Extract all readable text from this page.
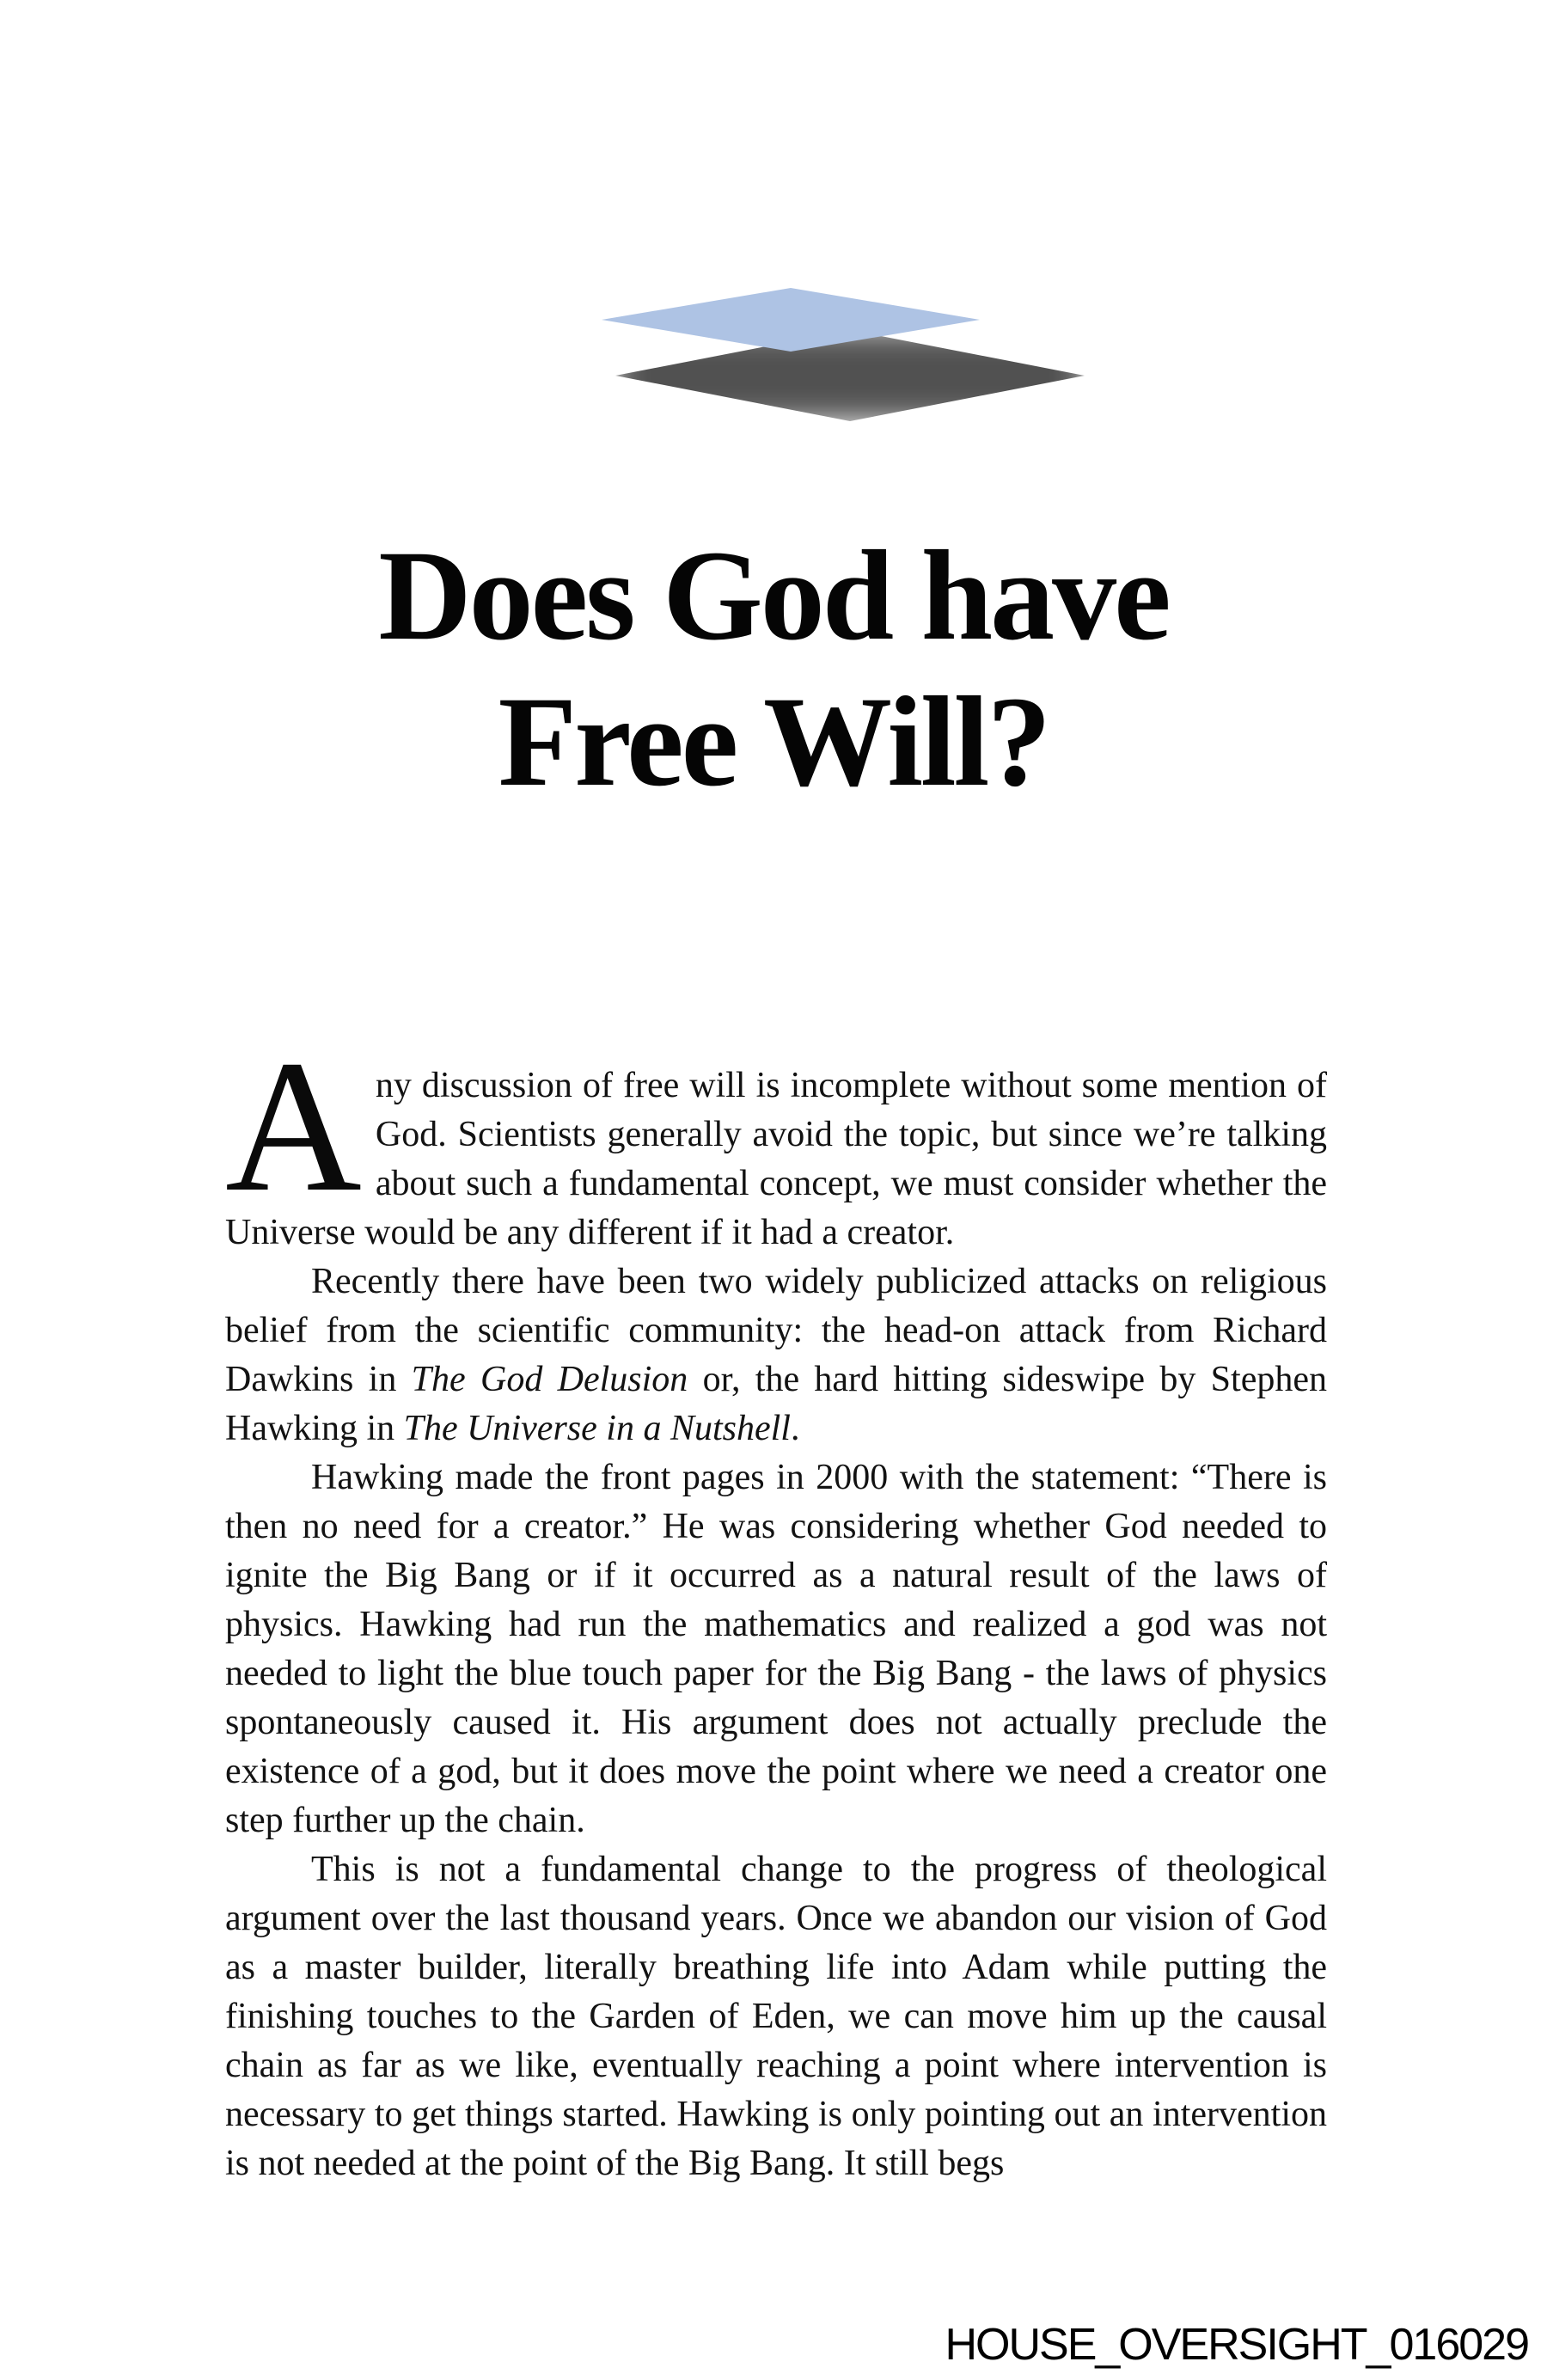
Does God have
Free Will?

Any discussion of free will is incomplete without some mention of God. Scientists generally avoid the topic, but since we’re talking about such a fundamental concept, we must consider whether the Universe would be any different if it had a creator.

Recently there have been two widely publicized attacks on religious belief from the scientific community: the head-on attack from Richard Dawkins in The God Delusion or, the hard hitting sideswipe by Stephen Hawking in The Universe in a Nutshell.

Hawking made the front pages in 2000 with the statement: “There is then no need for a creator.” He was considering whether God needed to ignite the Big Bang or if it occurred as a natural result of the laws of physics. Hawking had run the mathematics and realized a god was not needed to light the blue touch paper for the Big Bang - the laws of physics spontaneously caused it. His argument does not actually preclude the existence of a god, but it does move the point where we need a creator one step further up the chain.

This is not a fundamental change to the progress of theological argument over the last thousand years. Once we abandon our vision of God as a master builder, literally breathing life into Adam while putting the finishing touches to the Garden of Eden, we can move him up the causal chain as far as we like, eventually reaching a point where intervention is necessary to get things started. Hawking is only pointing out an intervention is not needed at the point of the Big Bang. It still begs

HOUSE_OVERSIGHT_016029
